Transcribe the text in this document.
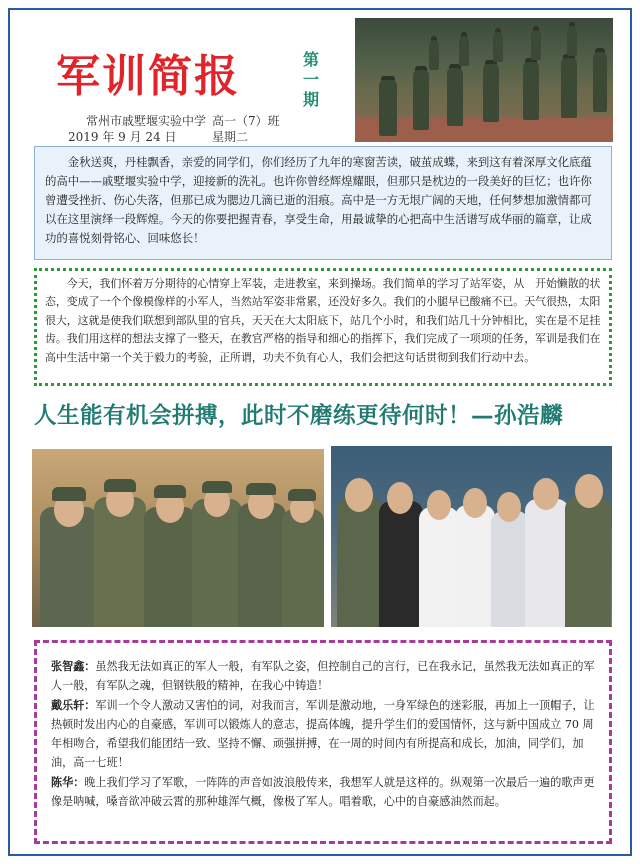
军训简报	第一期
常州市戚墅堰实验中学 高一（7）班
2019 年 9 月 24 日	星期二
金秋送爽，丹桂飘香，亲爱的同学们，你们经历了九年的寒窗苦读，破茧成蝶，来到这有着深厚文化底蕴的高中——戚墅堰实验中学，迎接新的洗礼。也许你曾经辉煌耀眼，但那只是枕边的一段美好的巨忆；也许你曾遭受挫折、伤心失落，但那已成为腮边几滴已逝的泪痕。高中是一方无垠广阔的天地，任何梦想加激情都可以在这里演绎一段辉煌。今天的你要把握青春，享受生命，用最诚挚的心把高中生活谱写成华丽的篇章，让成功的喜悦刻骨铭心、回味悠长！
今天，我们怀着万分期待的心情穿上军装，走进教室，来到操场。我们简单的学习了站军姿，从　开始懒散的状态，变成了一个个像模像样的小军人，当然站军姿非常累，还没好多久。我们的小腿早已酸痛不已。天气很热，太阳很大，这就是使我们联想到部队里的官兵，天天在大太阳底下，站几个小时，和我们站几十分钟相比，实在是不足挂齿。我们用这样的想法支撑了一整天，在教官严格的指导和细心的指挥下，我们完成了一项项的任务，军训是我们在高中生活中第一个关于毅力的考验，正所谓，功夫不负有心人，我们会把这句话贯彻到我们行动中去。
人生能有机会拼搏，此时不磨练更待何时！—孙浩麟

张智鑫：虽然我无法如真正的军人一般，有军队之姿，但控制自己的言行，已在我永记，虽然我无法如真正的军人一般，有军队之魂，但钢铁般的精神，在我心中铸造！

戴乐轩：军训一个令人激动又害怕的词，对我而言，军训是激动地，一身军绿色的迷彩服，再加上一顶帽子，让热顿时发出内心的自豪感，军训可以锻炼人的意志，提高体魄，提升学生们的爱国情怀，这与新中国成立 70 周年相吻合，希望我们能团结一致、坚持不懈、顽强拼搏，在一周的时间内有所提高和成长，加油，同学们，加油，高一七班！

陈华：晚上我们学习了军歌，一阵阵的声音如波浪般传来，我想军人就是这样的。纵观第一次最后一遍的歌声更像是呐喊，嗓音欲冲破云霄的那种雄浑气概，像极了军人。唱着歌，心中的自豪感油然而起。
